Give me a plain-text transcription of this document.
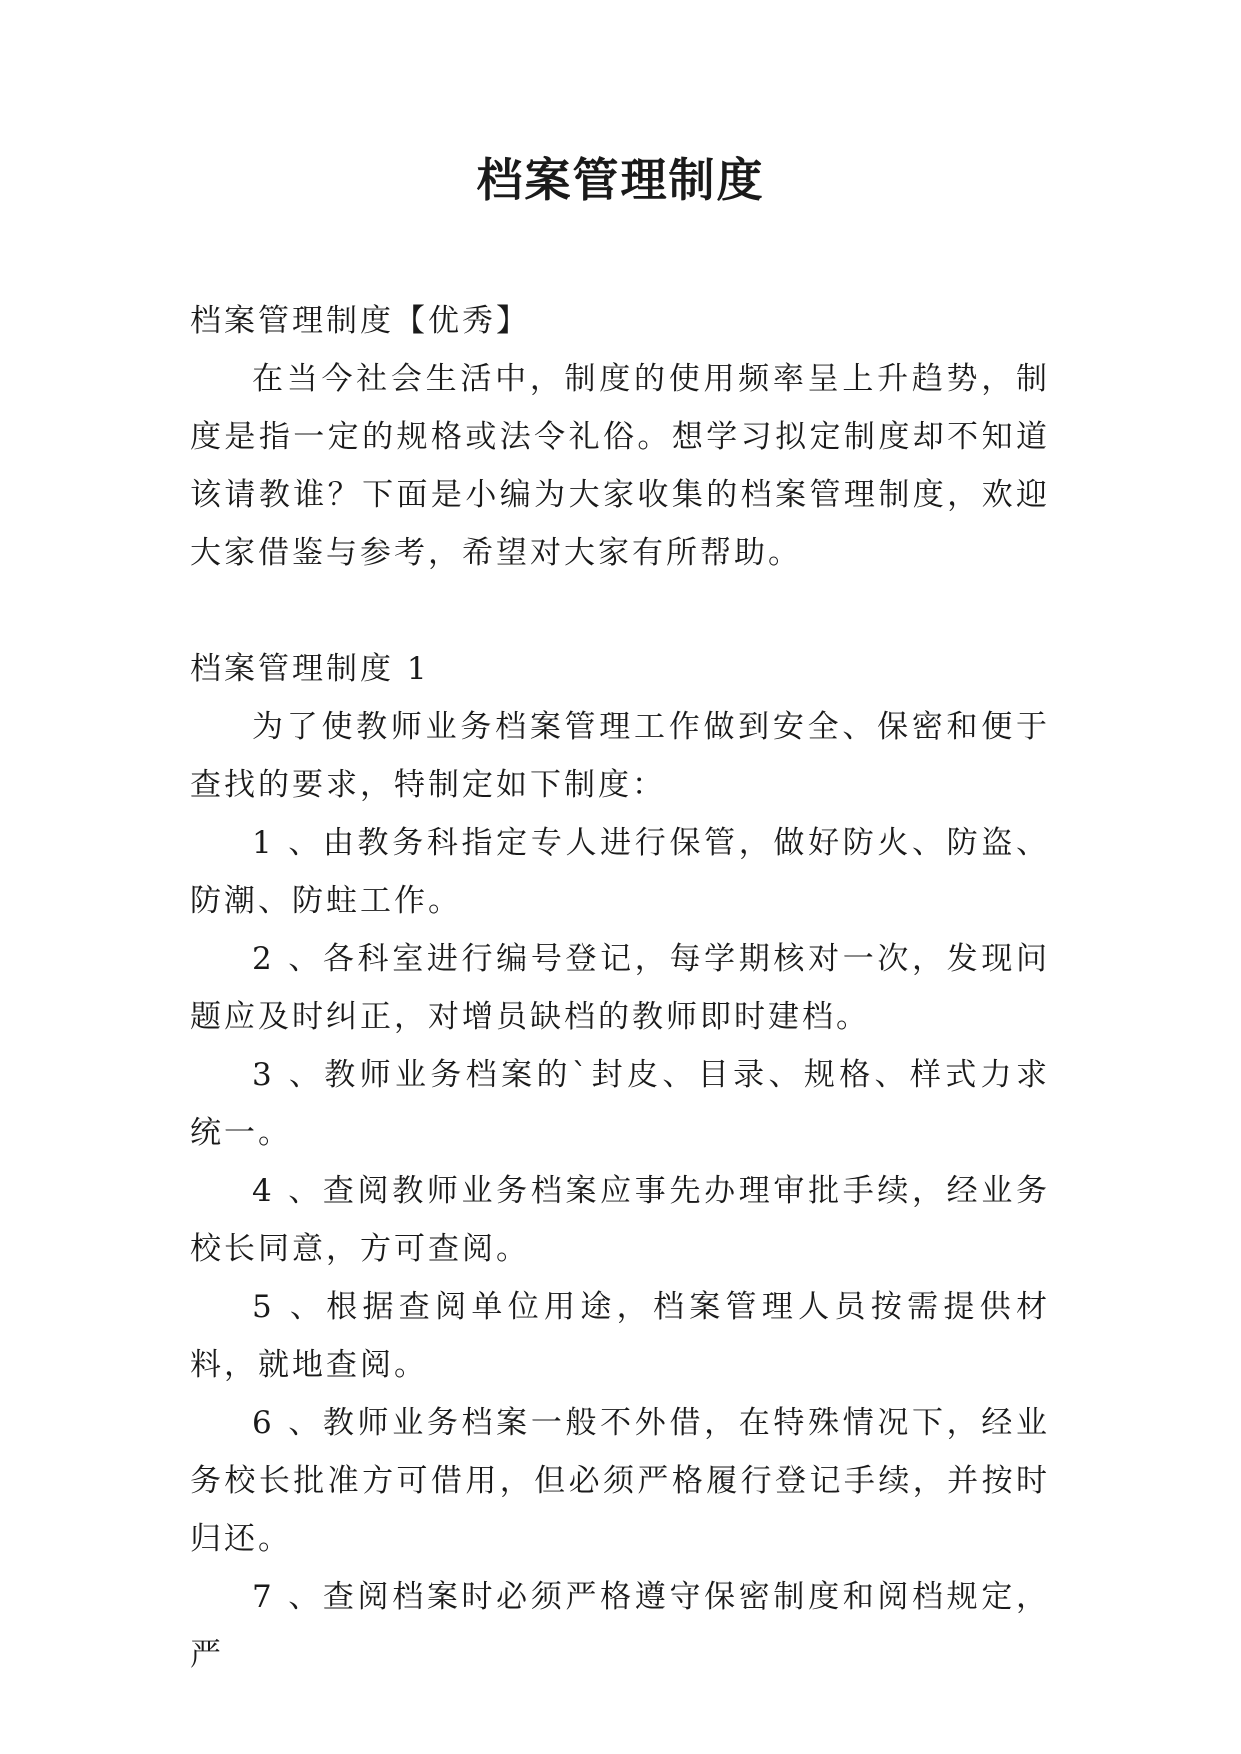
档案管理制度

档案管理制度【优秀】

在当今社会生活中，制度的使用频率呈上升趋势，制度是指一定的规格或法令礼俗。想学习拟定制度却不知道该请教谁？下面是小编为大家收集的档案管理制度，欢迎大家借鉴与参考，希望对大家有所帮助。

档案管理制度 1

为了使教师业务档案管理工作做到安全、保密和便于查找的要求，特制定如下制度：

1 、由教务科指定专人进行保管，做好防火、防盗、防潮、防蛀工作。

2 、各科室进行编号登记，每学期核对一次，发现问题应及时纠正，对增员缺档的教师即时建档。

3 、教师业务档案的`封皮、目录、规格、样式力求统一。

4 、查阅教师业务档案应事先办理审批手续，经业务校长同意，方可查阅。

5 、根据查阅单位用途，档案管理人员按需提供材料，就地查阅。

6 、教师业务档案一般不外借，在特殊情况下，经业务校长批准方可借用，但必须严格履行登记手续，并按时归还。

7 、查阅档案时必须严格遵守保密制度和阅档规定，严
